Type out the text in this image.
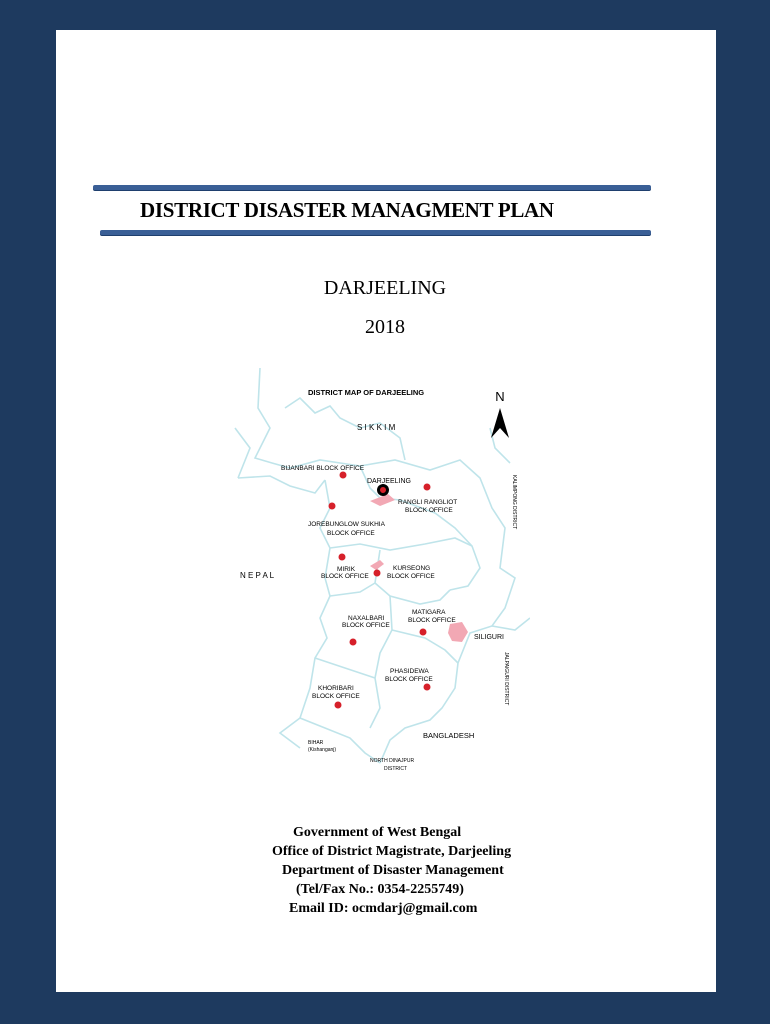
DISTRICT DISASTER MANAGMENT PLAN
DARJEELING
2018
N
DISTRICT MAP OF DARJEELING
S I K K I M
DARJEELING
SILIGURI
BIJANBARI BLOCK OFFICE
RANGLI RANGLIOT
BLOCK OFFICE
JOREBUNGLOW SUKHIA
BLOCK OFFICE
MIRIK
BLOCK OFFICE
KURSEONG
BLOCK OFFICE
NAXALBARI
BLOCK OFFICE
MATIGARA
BLOCK OFFICE
PHASIDEWA
BLOCK OFFICE
KHORIBARI
BLOCK OFFICE
N E P A L
BANGLADESH
BIHAR
(Kishanganj)
NORTH DINAJPUR
DISTRICT
KALIMPONG DISTRICT
JALPAIGURI DISTRICT
Government of West Bengal
Office of District Magistrate, Darjeeling
Department of Disaster Management
(Tel/Fax No.: 0354-2255749)
Email ID: ocmdarj@gmail.com
